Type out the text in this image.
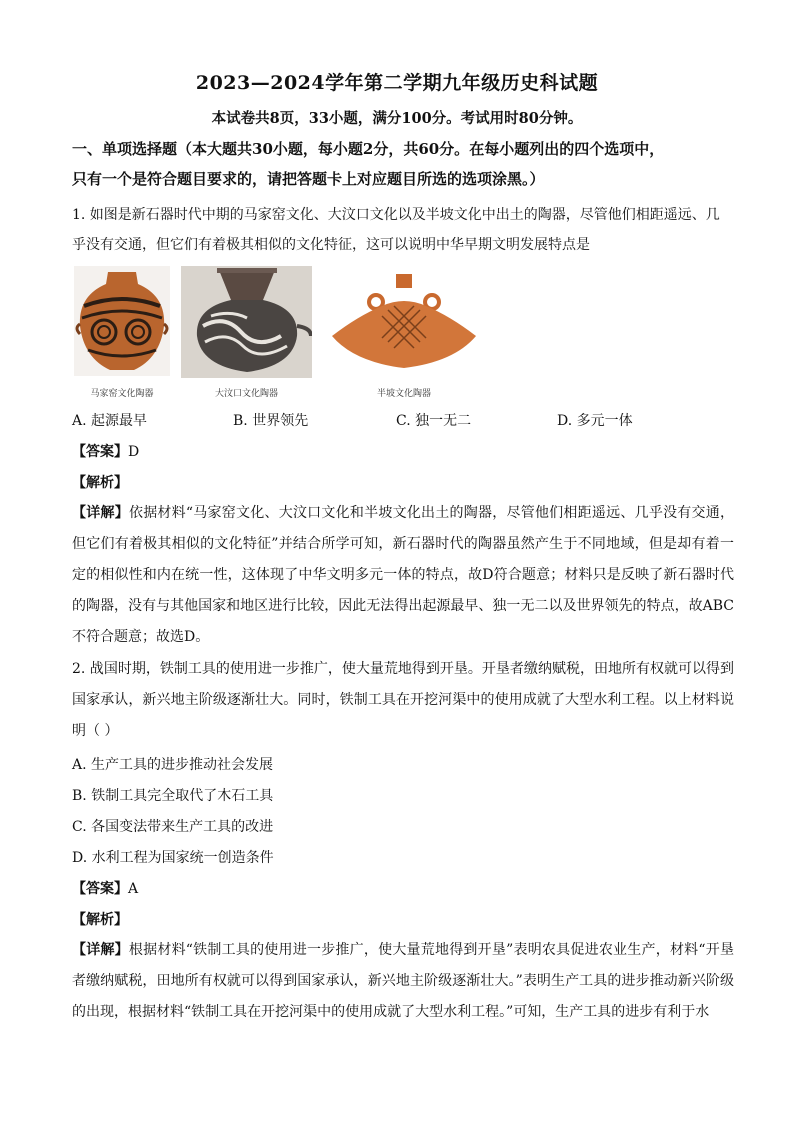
2023—2024学年第二学期九年级历史科试题
本试卷共8页，33小题，满分100分。考试用时80分钟。
一、单项选择题（本大题共30小题，每小题2分，共60分。在每小题列出的四个选项中，
只有一个是符合题目要求的，请把答题卡上对应题目所选的选项涂黑。）
1. 如图是新石器时代中期的马家窑文化、大汶口文化以及半坡文化中出土的陶器，尽管他们相距遥远、几
乎没有交通，但它们有着极其相似的文化特征，这可以说明中华早期文明发展特点是
马家窑文化陶器	大汶口文化陶器	半坡文化陶器
A. 起源最早	B. 世界领先	C. 独一无二	D. 多元一体
【答案】D
【解析】
【详解】依据材料“马家窑文化、大汶口文化和半坡文化出土的陶器，尽管他们相距遥远、几乎没有交通，但它们有着极其相似的文化特征”并结合所学可知，新石器时代的陶器虽然产生于不同地域，但是却有着一定的相似性和内在统一性，这体现了中华文明多元一体的特点，故D符合题意；材料只是反映了新石器时代的陶器，没有与其他国家和地区进行比较，因此无法得出起源最早、独一无二以及世界领先的特点，故ABC不符合题意；故选D。
2. 战国时期，铁制工具的使用进一步推广，使大量荒地得到开垦。开垦者缴纳赋税，田地所有权就可以得到国家承认，新兴地主阶级逐渐壮大。同时，铁制工具在开挖河渠中的使用成就了大型水利工程。以上材料说明（ ）
A. 生产工具的进步推动社会发展
B. 铁制工具完全取代了木石工具
C. 各国变法带来生产工具的改进
D. 水利工程为国家统一创造条件
【答案】A
【解析】
【详解】根据材料“铁制工具的使用进一步推广，使大量荒地得到开垦”表明农具促进农业生产，材料“开垦者缴纳赋税，田地所有权就可以得到国家承认，新兴地主阶级逐渐壮大。”表明生产工具的进步推动新兴阶级的出现，根据材料“铁制工具在开挖河渠中的使用成就了大型水利工程。”可知，生产工具的进步有利于水
